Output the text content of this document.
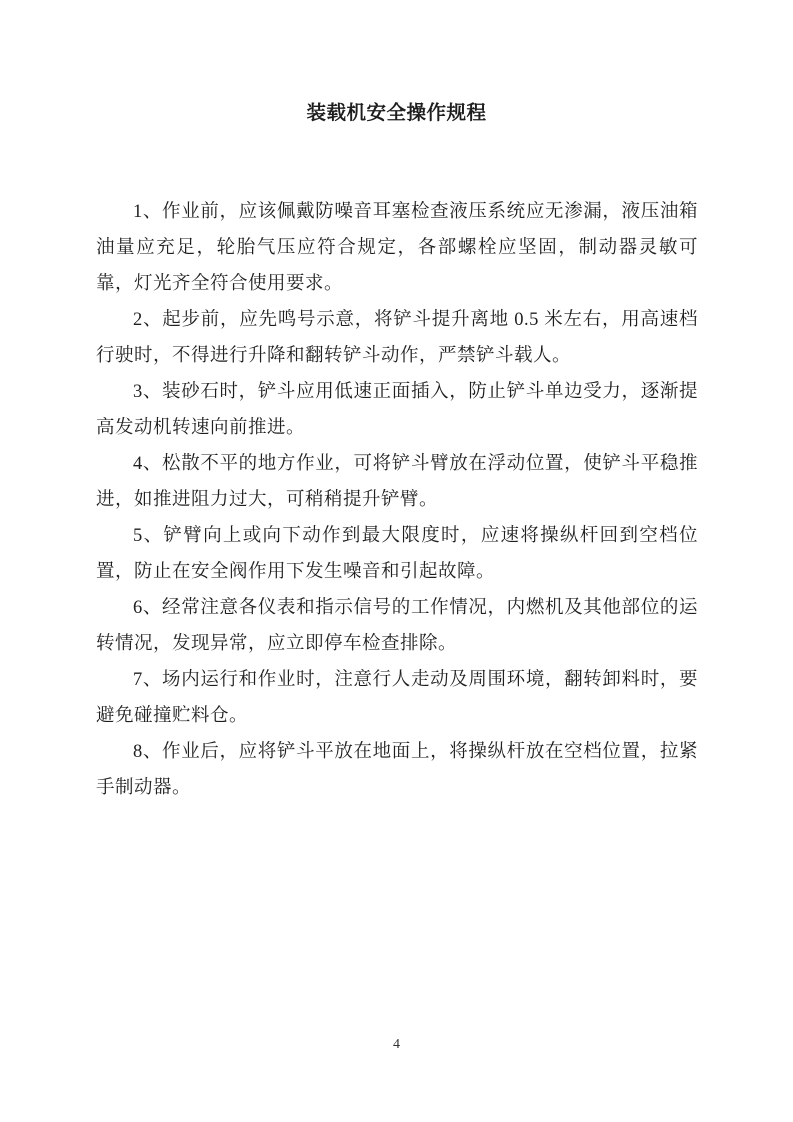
装载机安全操作规程

1、作业前，应该佩戴防噪音耳塞检查液压系统应无渗漏，液压油箱油量应充足，轮胎气压应符合规定，各部螺栓应坚固，制动器灵敏可靠，灯光齐全符合使用要求。

2、起步前，应先鸣号示意，将铲斗提升离地 0.5 米左右，用高速档行驶时，不得进行升降和翻转铲斗动作，严禁铲斗载人。

3、装砂石时，铲斗应用低速正面插入，防止铲斗单边受力，逐渐提高发动机转速向前推进。

4、松散不平的地方作业，可将铲斗臂放在浮动位置，使铲斗平稳推进，如推进阻力过大，可稍稍提升铲臂。

5、铲臂向上或向下动作到最大限度时，应速将操纵杆回到空档位置，防止在安全阀作用下发生噪音和引起故障。

6、经常注意各仪表和指示信号的工作情况，内燃机及其他部位的运转情况，发现异常，应立即停车检查排除。

7、场内运行和作业时，注意行人走动及周围环境，翻转卸料时，要避免碰撞贮料仓。

8、作业后，应将铲斗平放在地面上，将操纵杆放在空档位置，拉紧手制动器。

4
